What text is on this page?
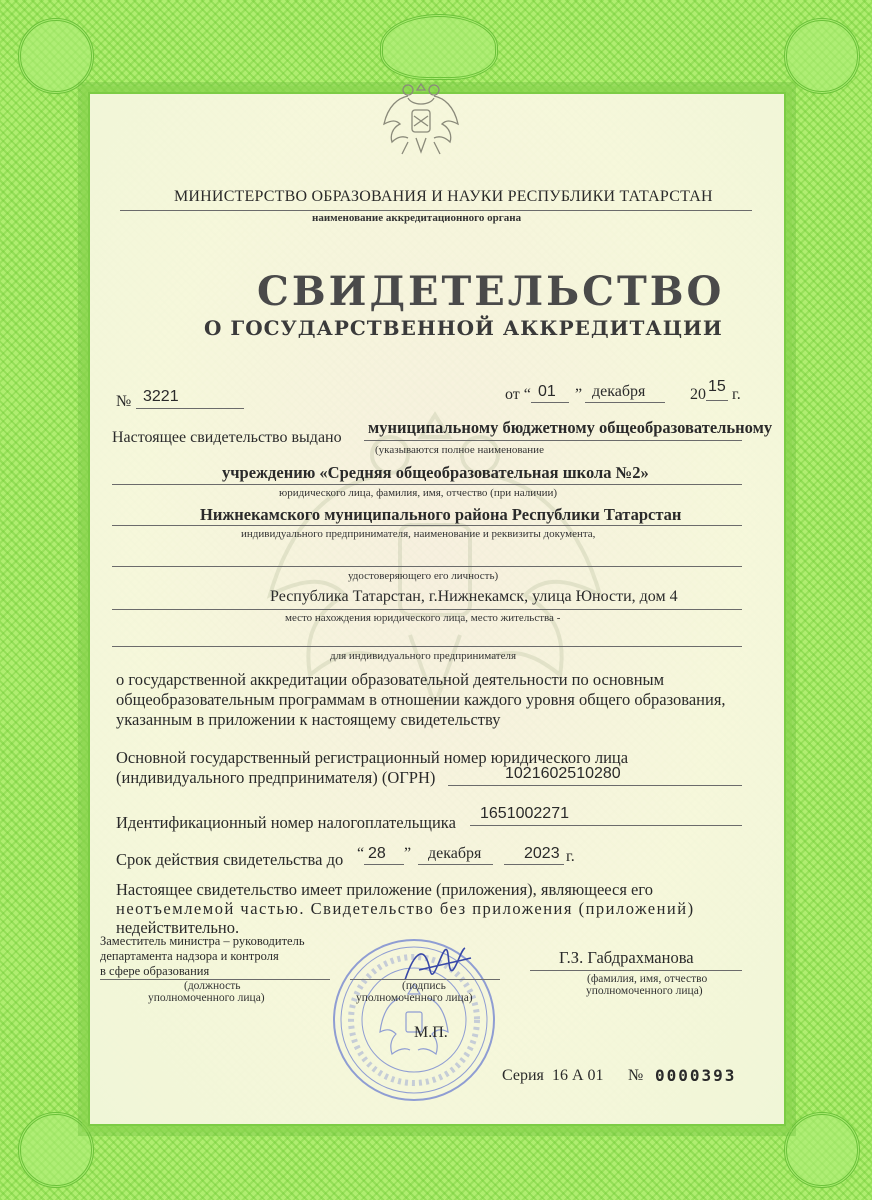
МИНИСТЕРСТВО ОБРАЗОВАНИЯ И НАУКИ РЕСПУБЛИКИ ТАТАРСТАН
наименование аккредитационного органа
СВИДЕТЕЛЬСТВО
О ГОСУДАРСТВЕННОЙ АККРЕДИТАЦИИ
№ 3221	от “ 01 ” декабря	20 15 г.
Настоящее свидетельство выдано
муниципальному бюджетному общеобразовательному
(указываются полное наименование
учреждению «Средняя общеобразовательная школа №2»
юридического лица, фамилия, имя, отчество (при наличии)
Нижнекамского муниципального района Республики Татарстан
индивидуального предпринимателя, наименование и реквизиты документа,
удостоверяющего его личность)
Республика Татарстан, г.Нижнекамск, улица Юности, дом 4
место нахождения юридического лица, место жительства -
для индивидуального предпринимателя
о государственной аккредитации образовательной деятельности по основным
общеобразовательным программам в отношении каждого уровня общего образования,
указанным в приложении к настоящему свидетельству
Основной государственный регистрационный номер юридического лица
(индивидуального предпринимателя) (ОГРН)	1021602510280
Идентификационный номер налогоплательщика 1651002271
Срок действия свидетельства до “ 28 ” декабря	2023 г.
Настоящее свидетельство имеет приложение (приложения), являющееся его
неотъемлемой частью. Свидетельство без приложения (приложений)
недействительно.
Заместитель министра – руководитель
департамента надзора и контроля
в сфере образования
(должность
уполномоченного лица)
(подпись
уполномоченного лица)
Г.З. Габдрахманова
(фамилия, имя, отчество
уполномоченного лица)
М.П.
Серия 16 А 01 № 0000393
